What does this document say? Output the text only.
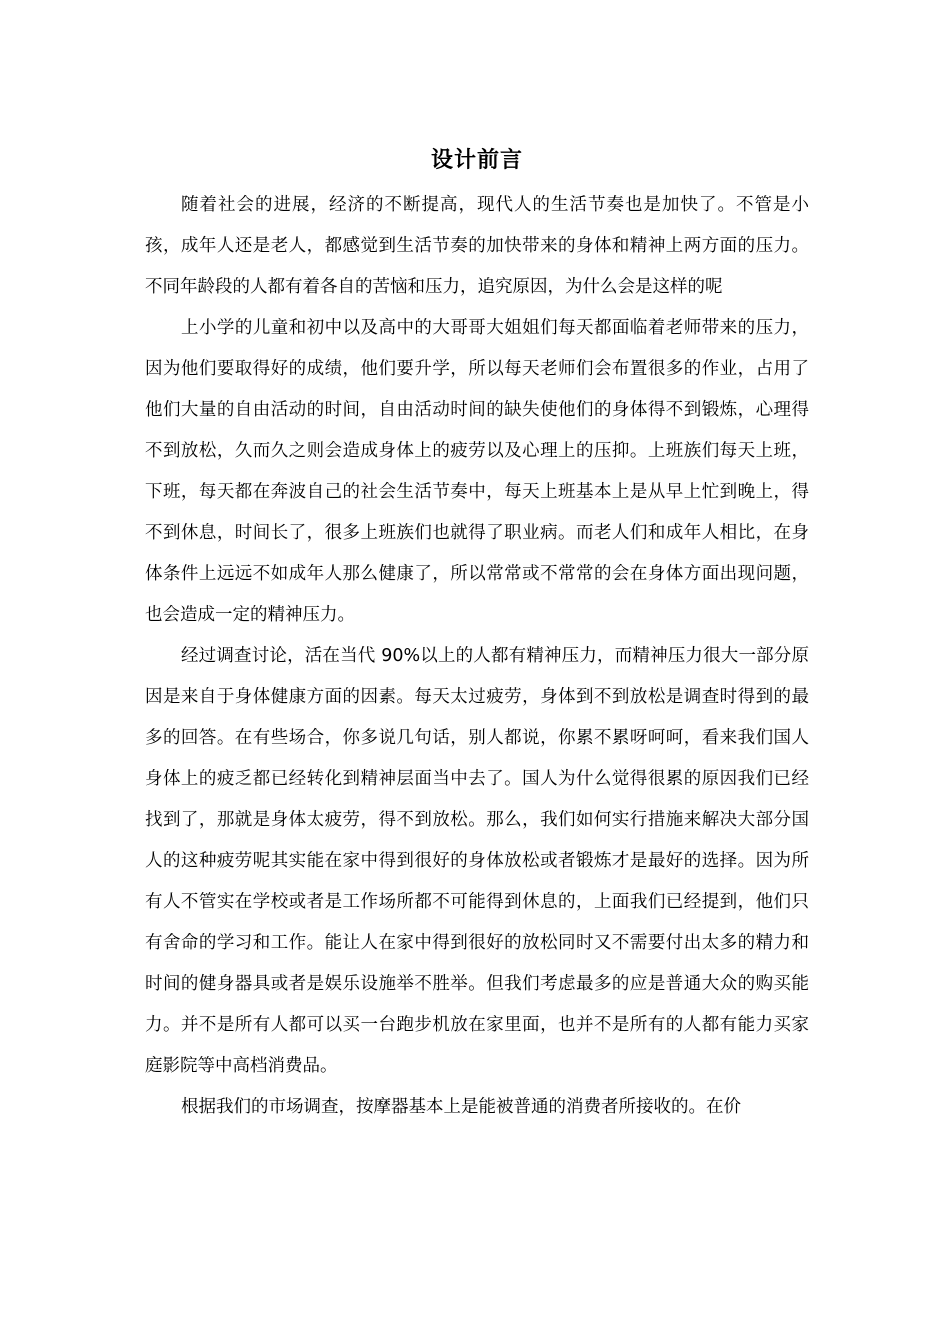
设计前言

随着社会的进展，经济的不断提高，现代人的生活节奏也是加快了。不管是小孩，成年人还是老人，都感觉到生活节奏的加快带来的身体和精神上两方面的压力。不同年龄段的人都有着各自的苦恼和压力，追究原因，为什么会是这样的呢

上小学的儿童和初中以及高中的大哥哥大姐姐们每天都面临着老师带来的压力，因为他们要取得好的成绩，他们要升学，所以每天老师们会布置很多的作业，占用了他们大量的自由活动的时间，自由活动时间的缺失使他们的身体得不到锻炼，心理得不到放松，久而久之则会造成身体上的疲劳以及心理上的压抑。上班族们每天上班，下班，每天都在奔波自己的社会生活节奏中，每天上班基本上是从早上忙到晚上，得不到休息，时间长了，很多上班族们也就得了职业病。而老人们和成年人相比，在身体条件上远远不如成年人那么健康了，所以常常或不常常的会在身体方面出现问题，也会造成一定的精神压力。

经过调查讨论，活在当代 90%以上的人都有精神压力，而精神压力很大一部分原因是来自于身体健康方面的因素。每天太过疲劳，身体到不到放松是调查时得到的最多的回答。在有些场合，你多说几句话，别人都说，你累不累呀呵呵，看来我们国人身体上的疲乏都已经转化到精神层面当中去了。国人为什么觉得很累的原因我们已经找到了，那就是身体太疲劳，得不到放松。那么，我们如何实行措施来解决大部分国人的这种疲劳呢其实能在家中得到很好的身体放松或者锻炼才是最好的选择。因为所有人不管实在学校或者是工作场所都不可能得到休息的，上面我们已经提到，他们只有舍命的学习和工作。能让人在家中得到很好的放松同时又不需要付出太多的精力和时间的健身器具或者是娱乐设施举不胜举。但我们考虑最多的应是普通大众的购买能力。并不是所有人都可以买一台跑步机放在家里面，也并不是所有的人都有能力买家庭影院等中高档消费品。

根据我们的市场调查，按摩器基本上是能被普通的消费者所接收的。在价
